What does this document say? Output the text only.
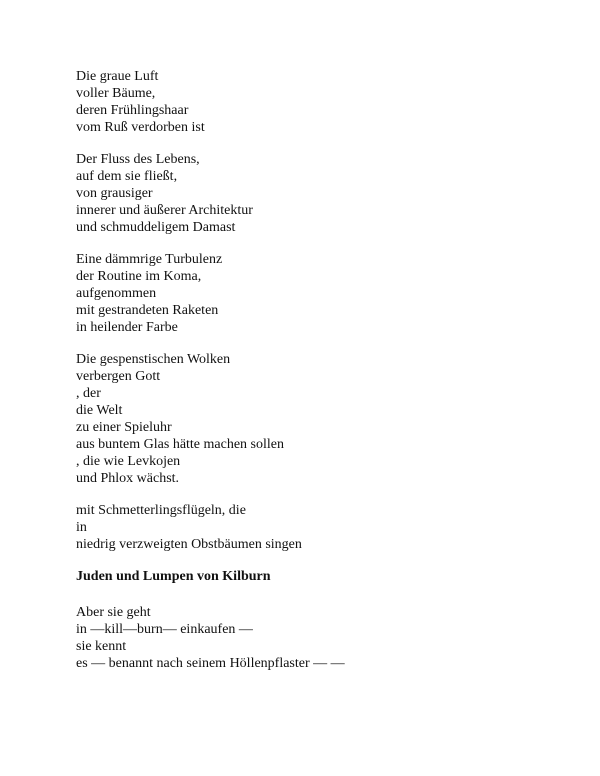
Die graue Luft
voller Bäume,
deren Frühlingshaar
vom Ruß verdorben ist
Der Fluss des Lebens,
auf dem sie fließt,
von grausiger
innerer und äußerer Architektur
und schmuddeligem Damast
Eine dämmrige Turbulenz
der Routine im Koma,
aufgenommen
mit gestrandeten Raketen
in heilender Farbe
Die gespenstischen Wolken
verbergen Gott
, der
die Welt
zu einer Spieluhr
aus buntem Glas hätte machen sollen
, die wie Levkojen
und Phlox wächst.
mit Schmetterlingsflügeln, die
in
niedrig verzweigten Obstbäumen singen
Juden und Lumpen von Kilburn
Aber sie geht
in —kill—burn— einkaufen —
sie kennt
es — benannt nach seinem Höllenpflaster — —
